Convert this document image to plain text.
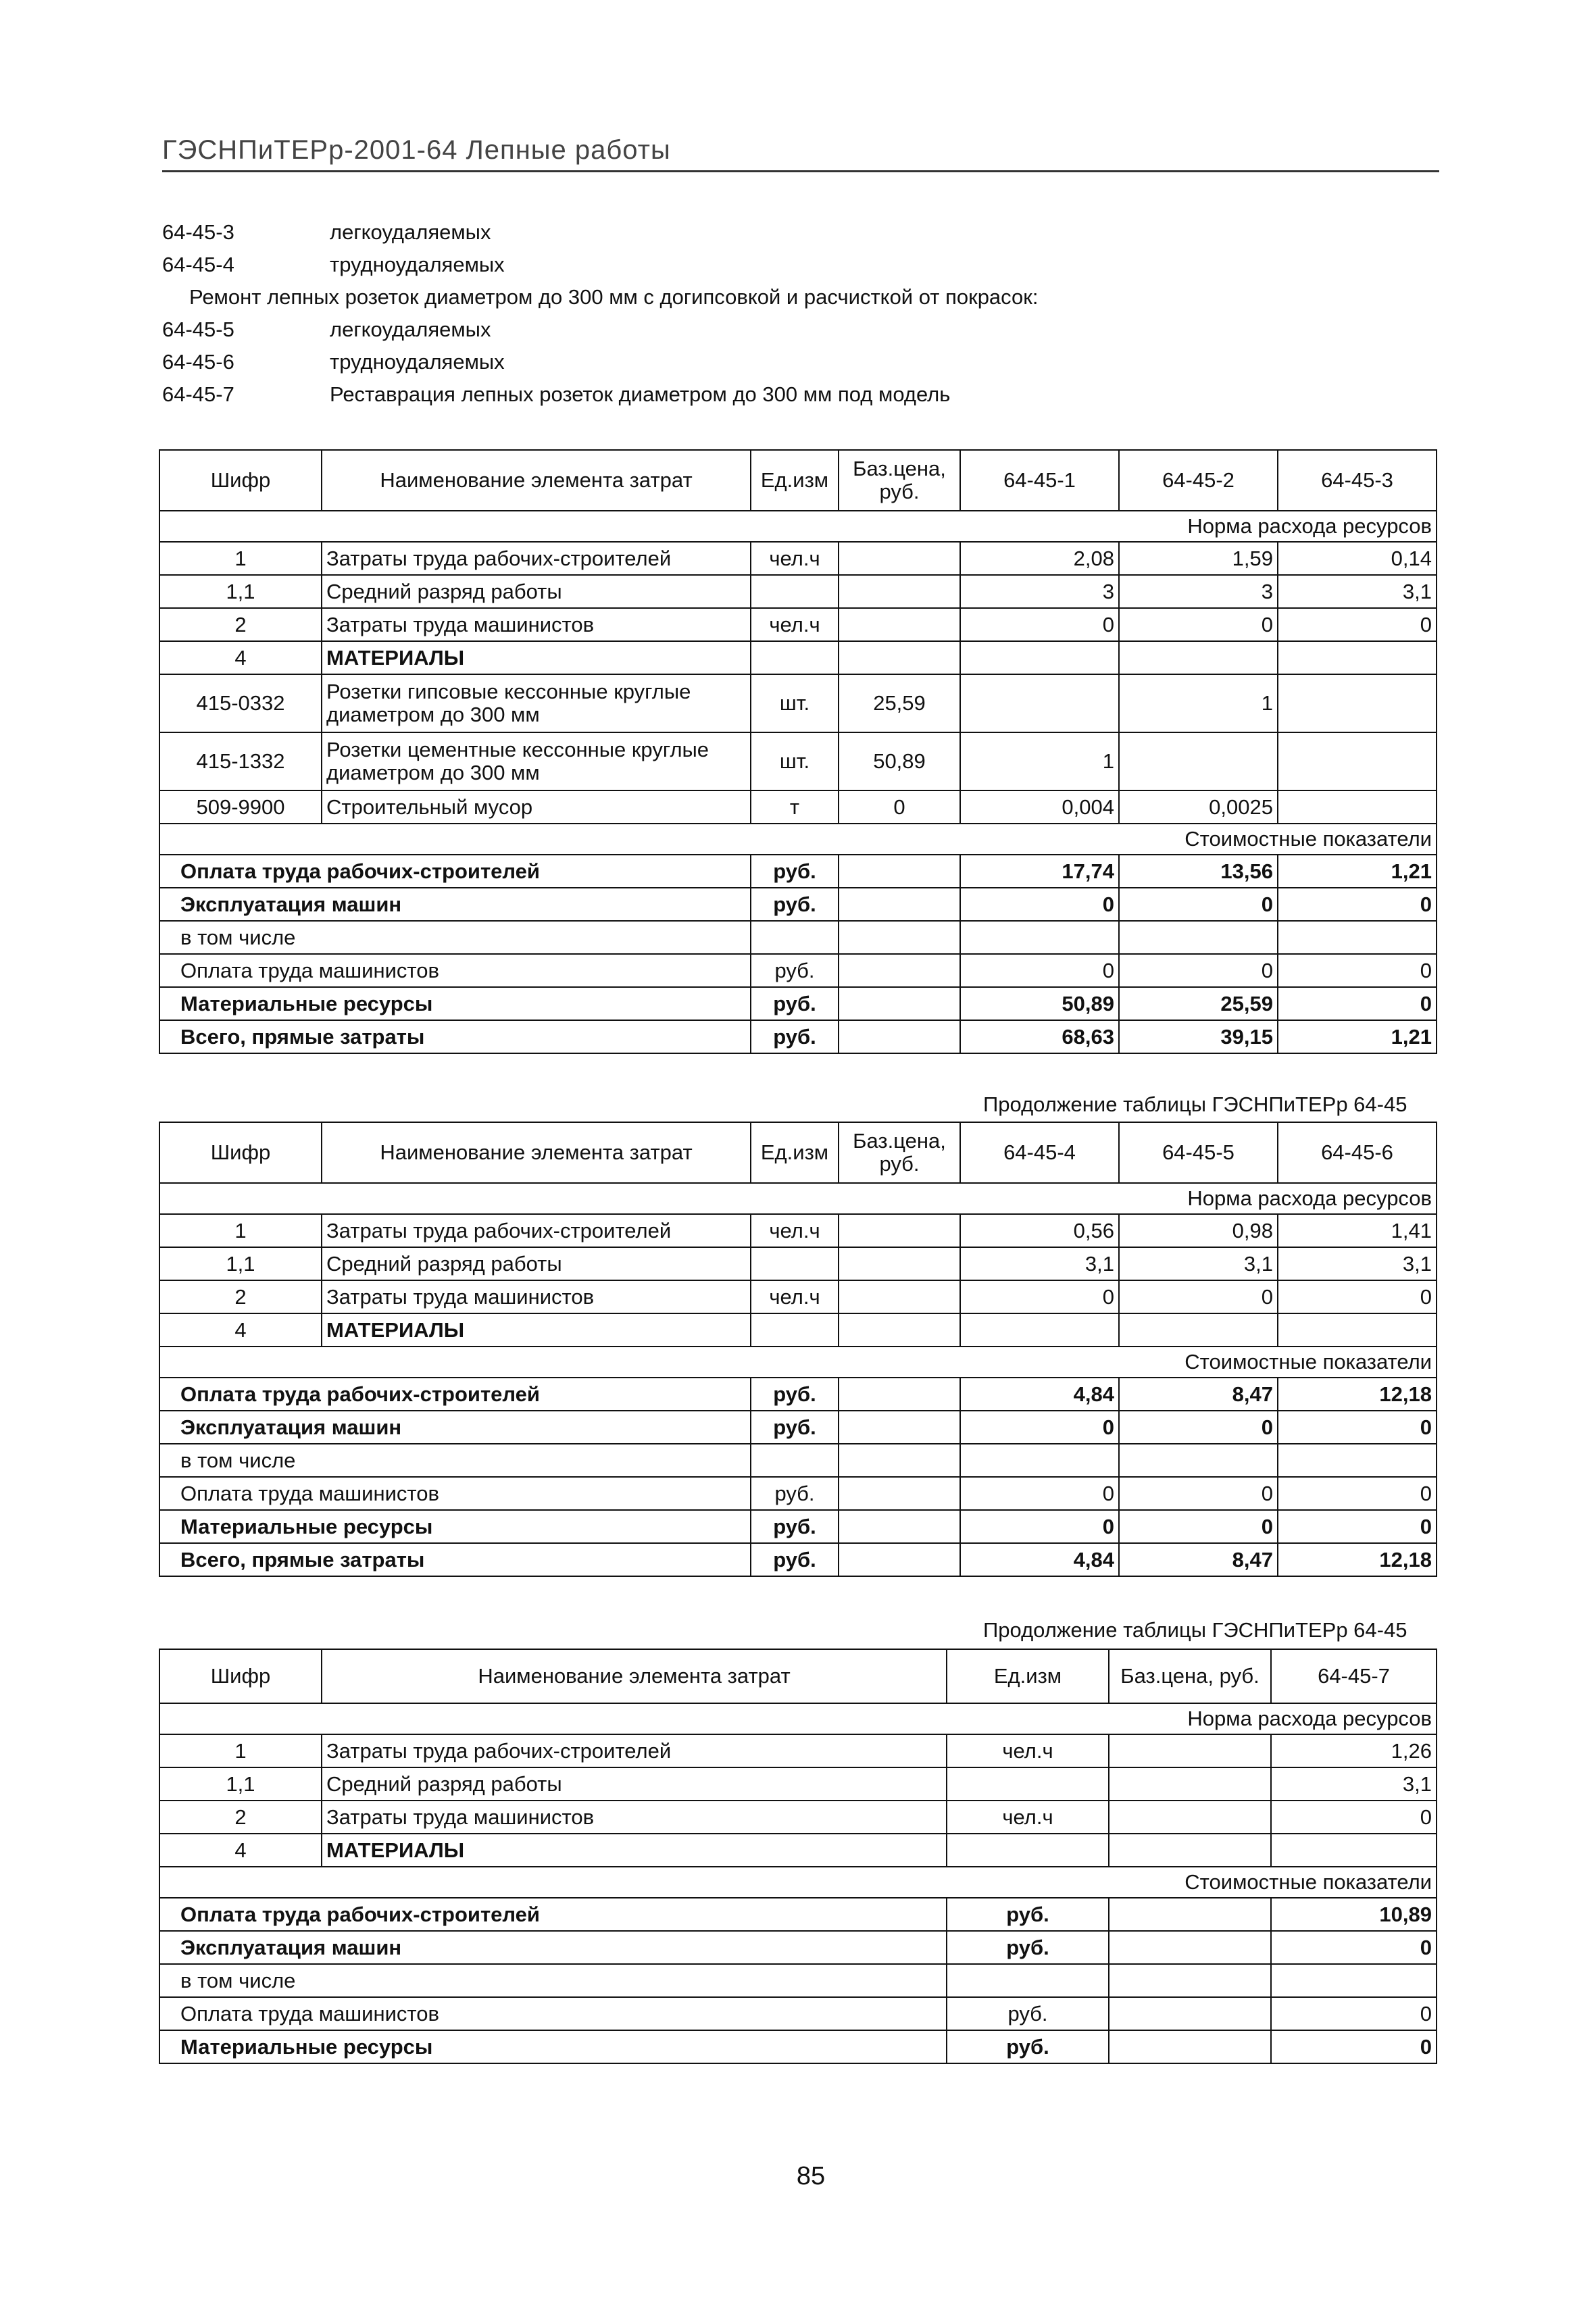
ГЭСНПиТЕРр-2001-64 Лепные работы
64-45-3	легкоудаляемых
64-45-4	трудноудаляемых
Ремонт лепных розеток диаметром до 300 мм с догипсовкой и расчисткой от покрасок:
64-45-5	легкоудаляемых
64-45-6	трудноудаляемых
64-45-7	Реставрация лепных розеток диаметром до 300 мм под модель
Шифр	Наименование элемента затрат	Ед.изм	Баз.цена, руб.	64-45-1	64-45-2	64-45-3
Норма расхода ресурсов						
1	Затраты труда рабочих-строителей	чел.ч		2,08	1,59	0,14
1,1	Средний разряд работы			3	3	3,1
2	Затраты труда машинистов	чел.ч		0	0	0
4	МАТЕРИАЛЫ					
415-0332	Розетки гипсовые кессонные круглые диаметром до 300 мм	шт.	25,59		1	
415-1332	Розетки цементные кессонные круглые диаметром до 300 мм	шт.	50,89	1		
509-9900	Строительный мусор	т	0	0,004	0,0025	
Стоимостные показатели						
Оплата труда рабочих-строителей		руб.		17,74	13,56	1,21
Эксплуатация машин		руб.		0	0	0
в том числе						
Оплата труда машинистов		руб.		0	0	0
Материальные ресурсы		руб.		50,89	25,59	0
Всего, прямые затраты		руб.		68,63	39,15	1,21
Продолжение таблицы ГЭСНПиТЕРр 64-45
Шифр	Наименование элемента затрат	Ед.изм	Баз.цена, руб.	64-45-4	64-45-5	64-45-6
Норма расхода ресурсов						
1	Затраты труда рабочих-строителей	чел.ч		0,56	0,98	1,41
1,1	Средний разряд работы			3,1	3,1	3,1
2	Затраты труда машинистов	чел.ч		0	0	0
4	МАТЕРИАЛЫ					
Стоимостные показатели						
Оплата труда рабочих-строителей		руб.		4,84	8,47	12,18
Эксплуатация машин		руб.		0	0	0
в том числе						
Оплата труда машинистов		руб.		0	0	0
Материальные ресурсы		руб.		0	0	0
Всего, прямые затраты		руб.		4,84	8,47	12,18
Продолжение таблицы ГЭСНПиТЕРр 64-45
Шифр	Наименование элемента затрат	Ед.изм	Баз.цена, руб.	64-45-7
Норма расхода ресурсов				
1	Затраты труда рабочих-строителей	чел.ч		1,26
1,1	Средний разряд работы			3,1
2	Затраты труда машинистов	чел.ч		0
4	МАТЕРИАЛЫ			
Стоимостные показатели				
Оплата труда рабочих-строителей		руб.		10,89
Эксплуатация машин		руб.		0
в том числе				
Оплата труда машинистов		руб.		0
Материальные ресурсы		руб.		0
85
